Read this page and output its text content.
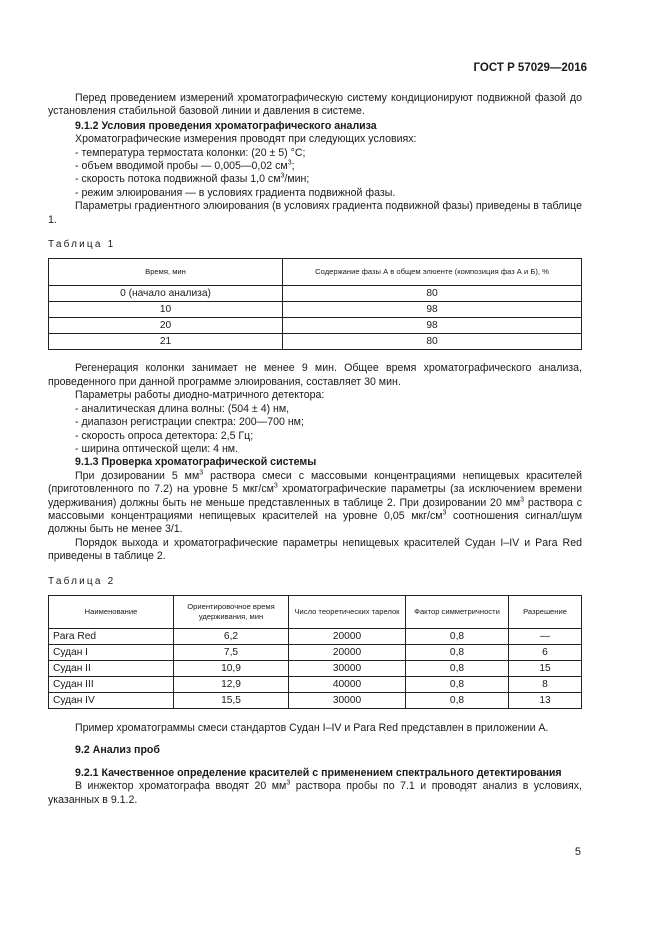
ГОСТ Р 57029—2016

Перед проведением измерений хроматографическую систему кондиционируют подвижной фазой до установления стабильной базовой линии и давления в системе.

9.1.2 Условия проведения хроматографического анализа

Хроматографические измерения проводят при следующих условиях:

- температура термостата колонки: (20 ± 5) °С;

- объем вводимой пробы — 0,005—0,02 $см^3$;

- скорость потока подвижной фазы 1,0 $см^3$/мин;

- режим элюирования — в условиях градиента подвижной фазы.

Параметры градиентного элюирования (в условиях градиента подвижной фазы) приведены в таблице 1.

Таблица 1

Время, мин	Содержание фазы А в общем элюенте (композиция фаз А и Б), %
0 (начало анализа)	80
10	98
20	98
21	80

Регенерация колонки занимает не менее 9 мин. Общее время хроматографического анализа, проведенного при данной программе элюирования, составляет 30 мин.

Параметры работы диодно-матричного детектора:

- аналитическая длина волны: (504 ± 4) нм,

- диапазон регистрации спектра: 200—700 нм;

- скорость опроса детектора: 2,5 Гц;

- ширина оптической щели: 4 нм.

9.1.3 Проверка хроматографической системы

При дозировании 5 $мм^3$ раствора смеси с массовыми концентрациями непищевых красителей (приготовленного по 7.2) на уровне 5 мкг/$см^3$ хроматографические параметры (за исключением времени удерживания) должны быть не меньше представленных в таблице 2. При дозировании 20 $мм^3$ раствора с массовыми концентрациями непищевых красителей на уровне 0,05 мкг/$см^3$ соотношения сигнал/шум должны быть не менее 3/1.

Порядок выхода и хроматографические параметры непищевых красителей Судан I–IV и Para Red приведены в таблице 2.

Таблица 2

Наименование	Ориентировочное время удерживания, мин	Число теоретических тарелок	Фактор симметричности	Разрешение
Para Red	6,2	20000	0,8	—
Судан I	7,5	20000	0,8	6
Судан II	10,9	30000	0,8	15
Судан III	12,9	40000	0,8	8
Судан IV	15,5	30000	0,8	13

Пример хроматограммы смеси стандартов Судан I–IV и Para Red представлен в приложении А.

9.2 Анализ проб

9.2.1 Качественное определение красителей с применением спектрального детектирования

В инжектор хроматографа вводят 20 $мм^3$ раствора пробы по 7.1 и проводят анализ в условиях, указанных в 9.1.2.

5
